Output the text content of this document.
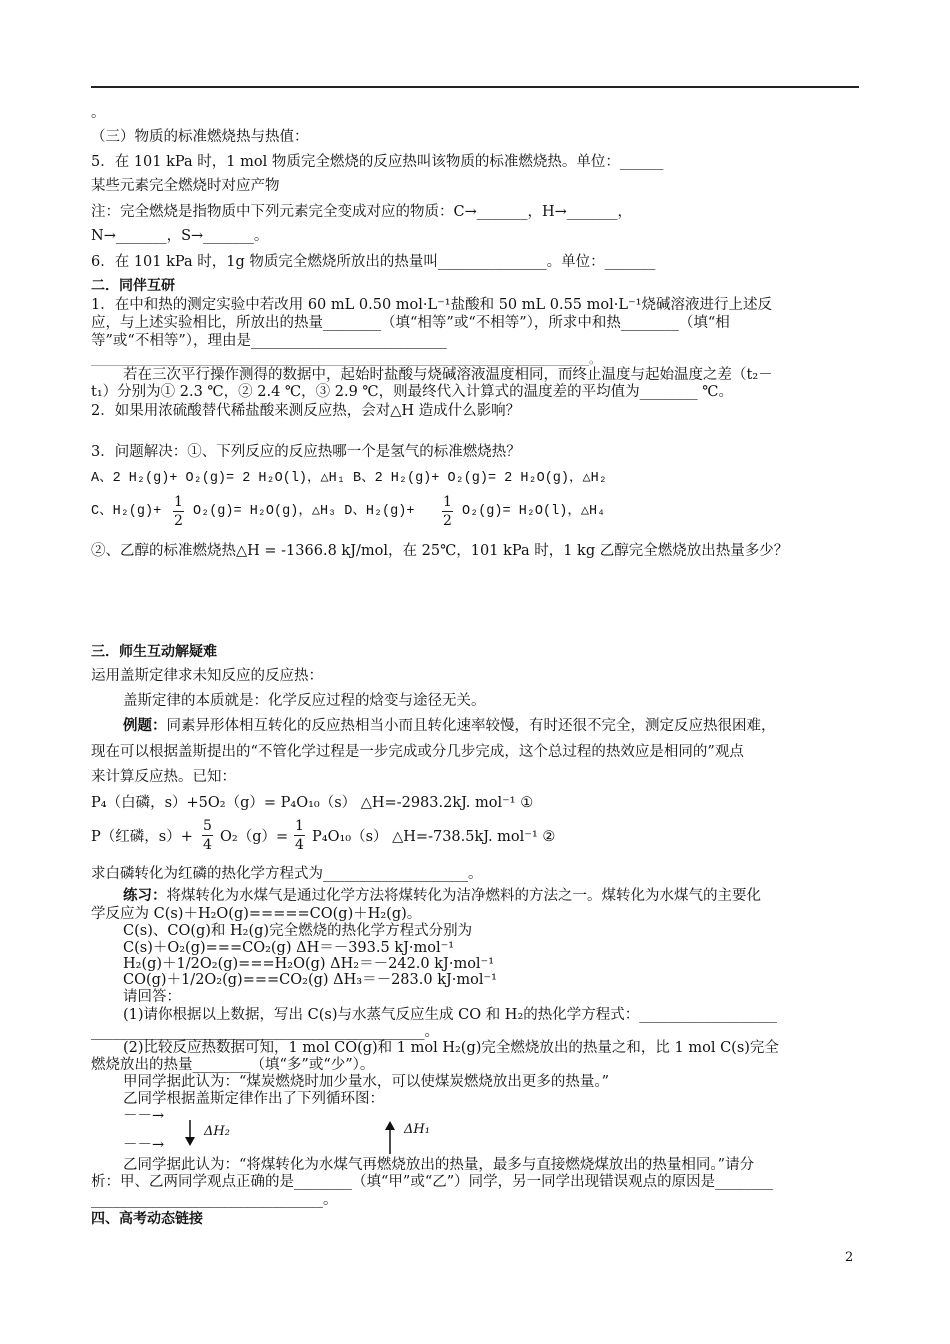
。
（三）物质的标准燃烧热与热值：
5．在 101 kPa 时，1 mol 物质完全燃烧的反应热叫该物质的标准燃烧热。单位：______
某些元素完全燃烧时对应产物
注：完全燃烧是指物质中下列元素完全变成对应的物质：C→_______，H→_______，
N→_______，S→_______。
6．在 101 kPa 时，1g 物质完全燃烧所放出的热量叫_______________。单位：_______
二．同伴互研
1．在中和热的测定实验中若改用 60 mL 0.50 mol·L⁻¹盐酸和 50 mL 0.55 mol·L⁻¹烧碱溶液进行上述反
应，与上述实验相比，所放出的热量________（填“相等”或“不相等”），所求中和热________（填“相
等”或“不相等”），理由是___________________________
___________________________________________________________________________________。
若在三次平行操作测得的数据中，起始时盐酸与烧碱溶液温度相同，而终止温度与起始温度之差（t₂－
t₁）分别为① 2.3 ℃，② 2.4 ℃，③ 2.9 ℃，则最终代入计算式的温度差的平均值为________ ℃。
2．如果用浓硫酸替代稀盐酸来测反应热，会对△H 造成什么影响？
3．问题解决：①、下列反应的反应热哪一个是氢气的标准燃烧热？
A、2 H₂(g)+ O₂(g)= 2 H₂O(l)，△H₁ B、2 H₂(g)+ O₂(g)= 2 H₂O(g)，△H₂
C、H₂(g)+
1
2
O₂(g)= H₂O(g)，△H₃ D、H₂(g)+
1
2
O₂(g)= H₂O(l)，△H₄
②、乙醇的标准燃烧热△H = -1366.8 kJ/mol，在 25℃，101 kPa 时，1 kg 乙醇完全燃烧放出热量多少？
三．师生互动解疑难
运用盖斯定律求未知反应的反应热：
盖斯定律的本质就是：化学反应过程的焓变与途径无关。
例题：同素异形体相互转化的反应热相当小而且转化速率较慢，有时还很不完全，测定反应热很困难，
现在可以根据盖斯提出的“不管化学过程是一步完成或分几步完成，这个总过程的热效应是相同的”观点
来计算反应热。已知：
P₄（白磷，s）+5O₂（g）= P₄O₁₀（s） △H=-2983.2kJ. mol⁻¹ ①
P（红磷，s）+
5
4 O₂（g）=
1
4 P₄O₁₀（s） △H=-738.5kJ. mol⁻¹ ②
求白磷转化为红磷的热化学方程式为____________________。
练习：将煤转化为水煤气是通过化学方法将煤转化为洁净燃料的方法之一。煤转化为水煤气的主要化
学反应为 C(s)＋H₂O(g)=====CO(g)＋H₂(g)。
C(s)、CO(g)和 H₂(g)完全燃烧的热化学方程式分别为
C(s)＋O₂(g)===CO₂(g) ΔH＝－393.5 kJ·mol⁻¹
H₂(g)＋1/2O₂(g)===H₂O(g) ΔH₂＝－242.0 kJ·mol⁻¹
CO(g)＋1/2O₂(g)===CO₂(g) ΔH₃＝－283.0 kJ·mol⁻¹
请回答：
(1)请你根据以上数据，写出 C(s)与水蒸气反应生成 CO 和 H₂的热化学方程式：___________________
______________________________________________。
(2)比较反应热数据可知，1 mol CO(g)和 1 mol H₂(g)完全燃烧放出的热量之和，比 1 mol C(s)完全
燃烧放出的热量________（填“多”或“少”）。
甲同学据此认为：“煤炭燃烧时加少量水，可以使煤炭燃烧放出更多的热量。”
乙同学根据盖斯定律作出了下列循环图：
－－→
－－→
ΔH₂	ΔH₁
乙同学据此认为：“将煤转化为水煤气再燃烧放出的热量，最多与直接燃烧煤放出的热量相同。”请分
析：甲、乙两同学观点正确的是________（填“甲”或“乙”）同学，另一同学出现错误观点的原因是________
________________________________。
四、高考动态链接
2
